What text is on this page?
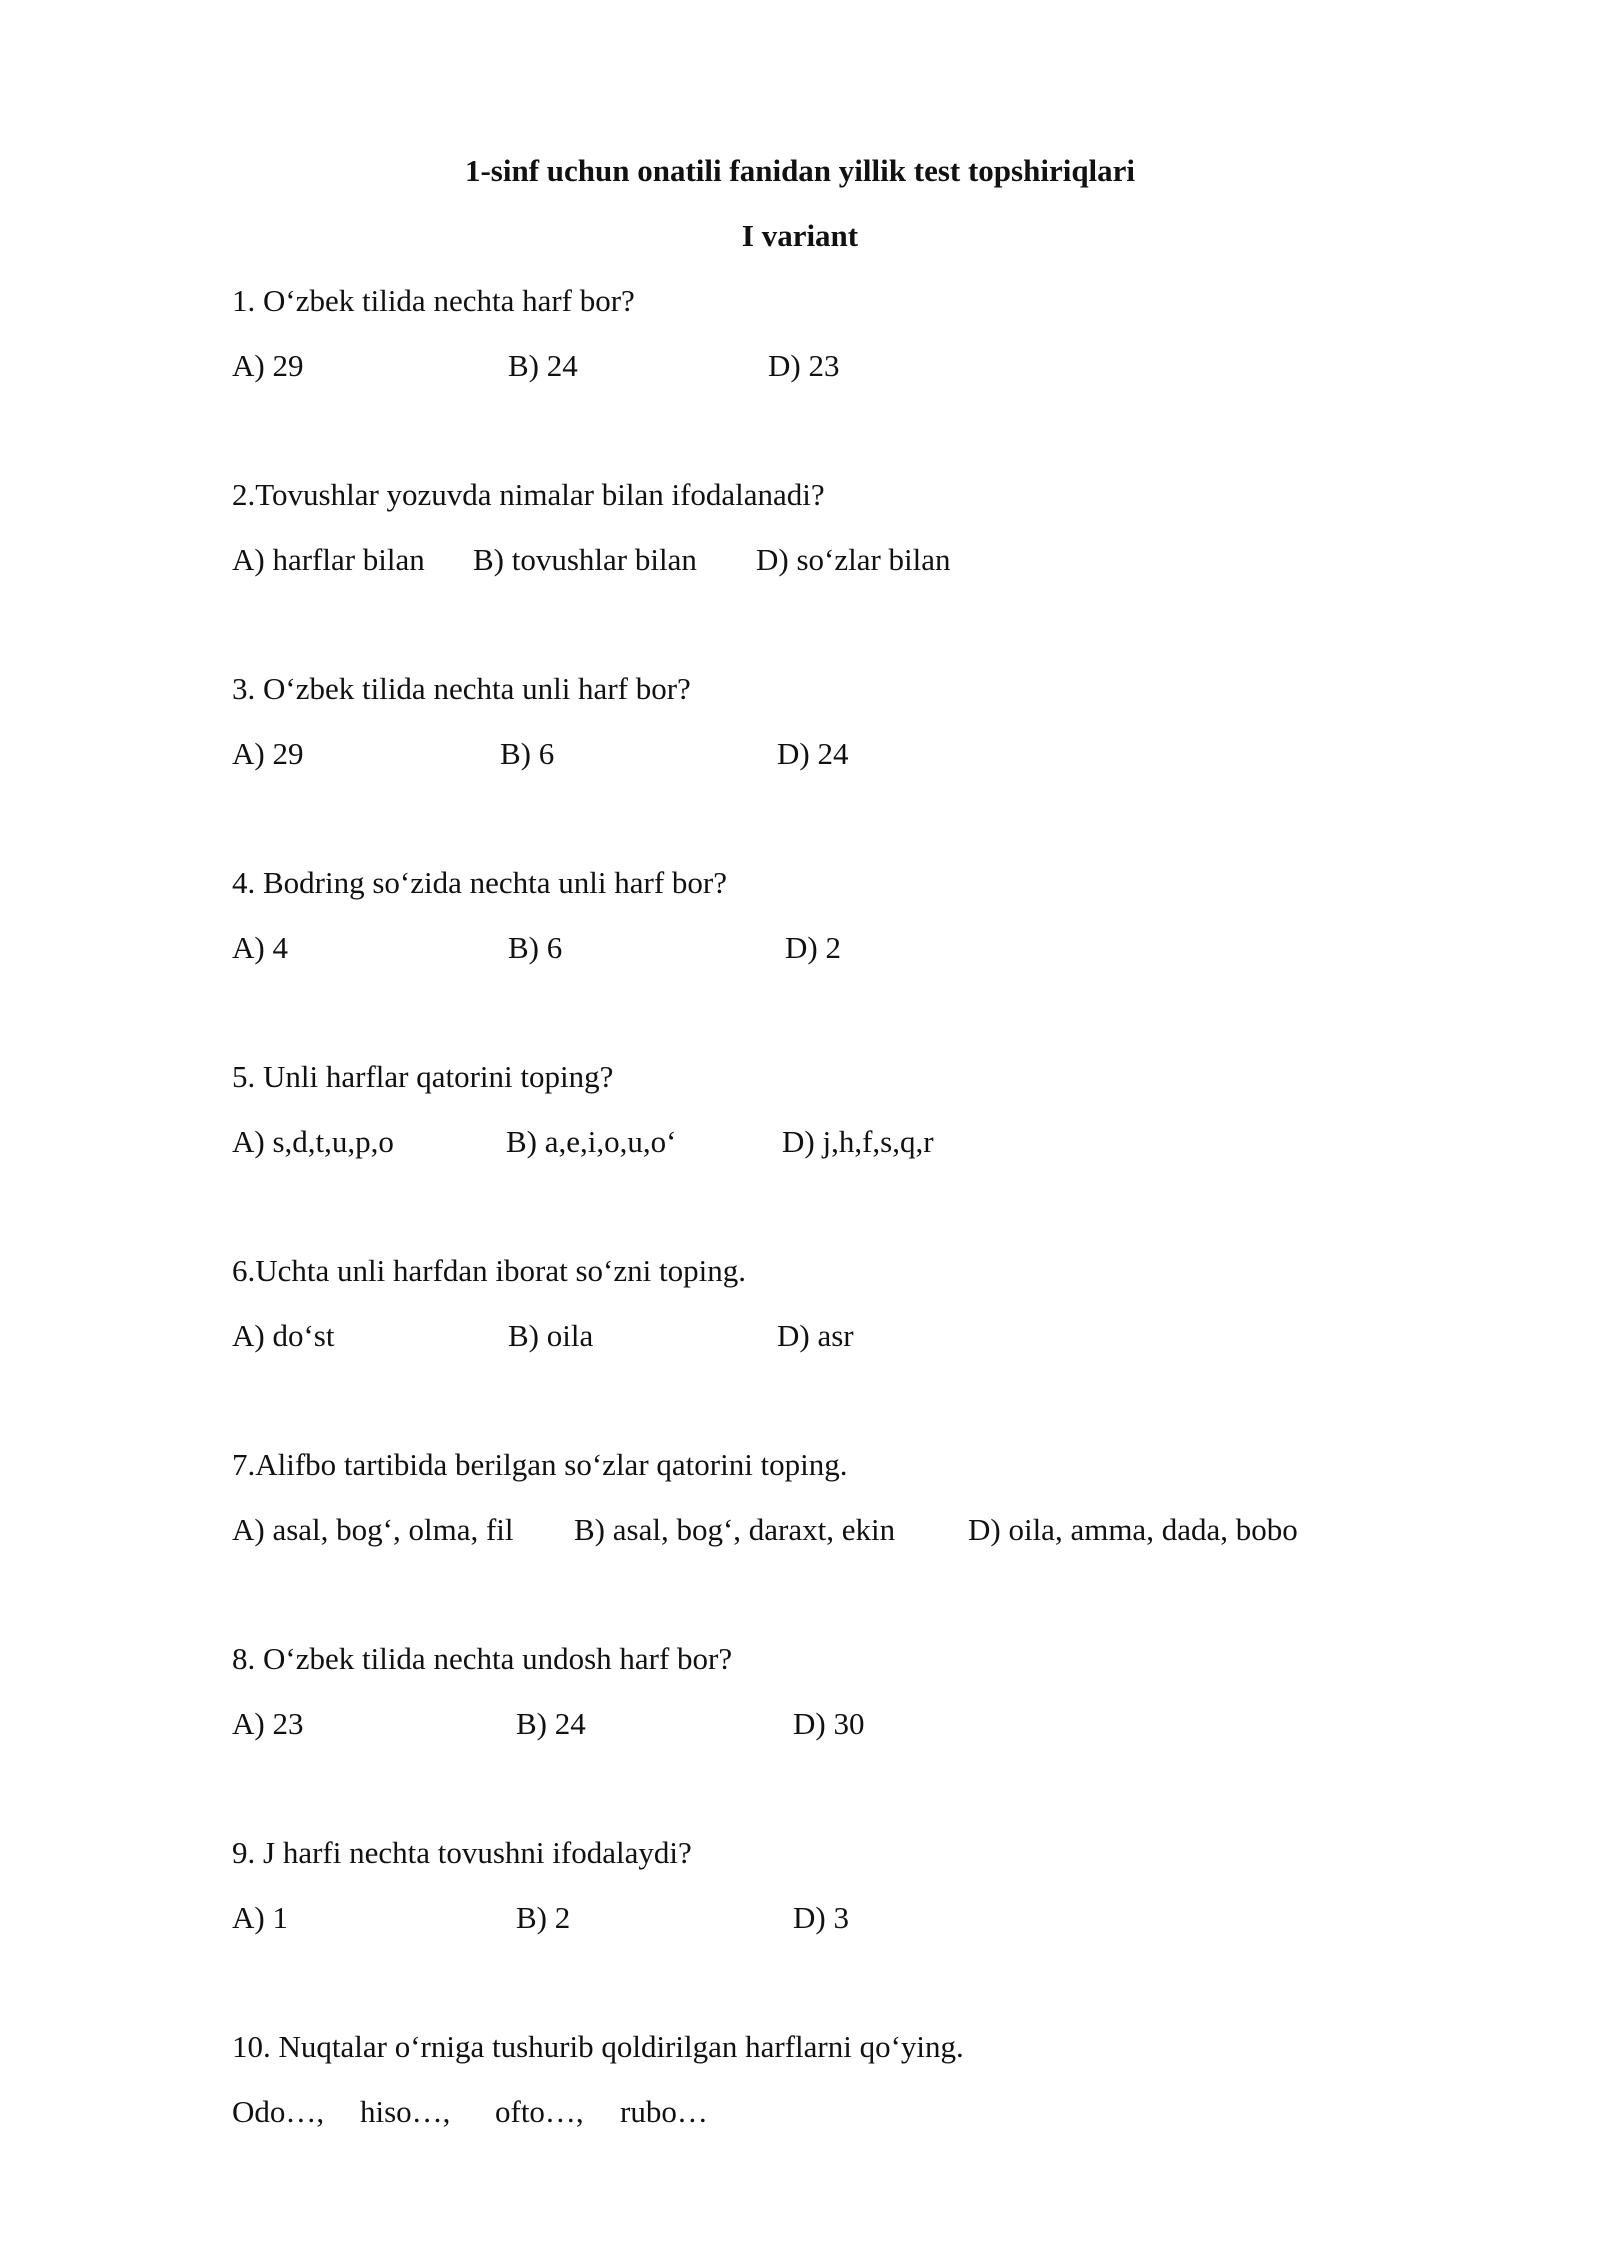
1-sinf uchun onatili fanidan yillik test topshiriqlari
I variant
1. O‘zbek tilida nechta harf bor?
A) 29	B) 24	D) 23
2.Tovushlar yozuvda nimalar bilan ifodalanadi?
A) harflar bilan B) tovushlar bilan D) so‘zlar bilan
3. O‘zbek tilida nechta unli harf bor?
A) 29	B) 6	D) 24
4. Bodring so‘zida nechta unli harf bor?
A) 4	B) 6	D) 2
5. Unli harflar qatorini toping?
A) s,d,t,u,p,o	B) a,e,i,o,u,o‘	D) j,h,f,s,q,r
6.Uchta unli harfdan iborat so‘zni toping.
A) do‘st	B) oila	D) asr
7.Alifbo tartibida berilgan so‘zlar qatorini toping.
A) asal, bog‘, olma, fil B) asal, bog‘, daraxt, ekin D) oila, amma, dada, bobo
8. O‘zbek tilida nechta undosh harf bor?
A) 23	B) 24	D) 30
9. J harfi nechta tovushni ifodalaydi?
A) 1	B) 2	D) 3
10. Nuqtalar o‘rniga tushurib qoldirilgan harflarni qo‘ying.
Odo…, hiso…, ofto…, rubo…
